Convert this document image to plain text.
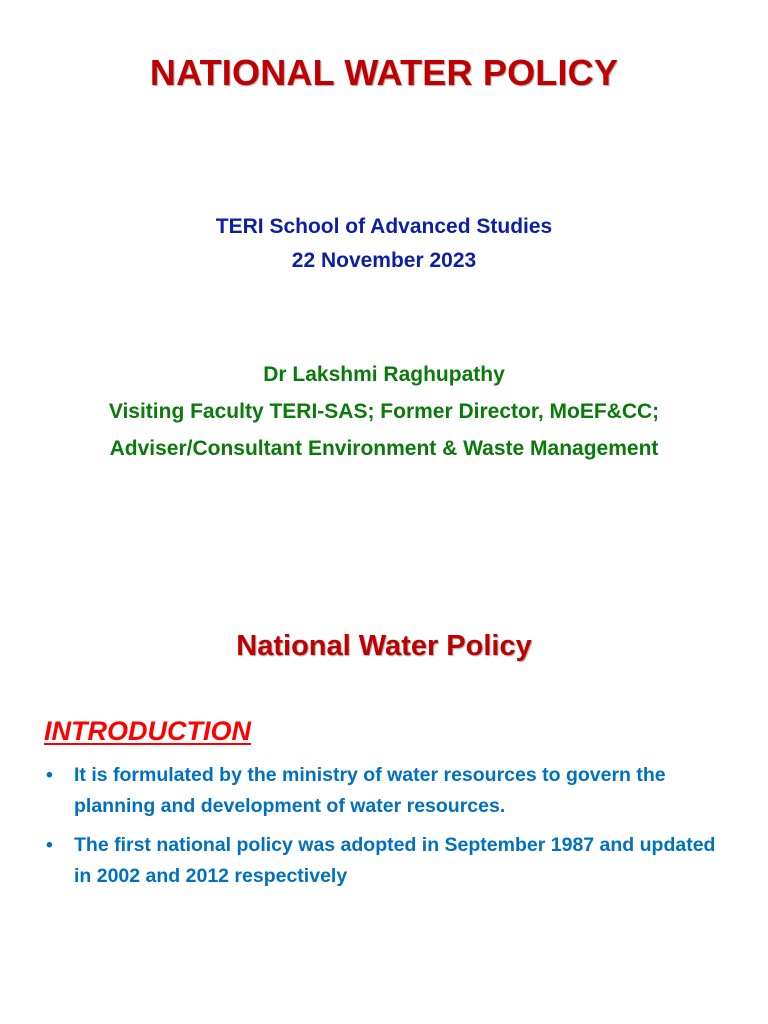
NATIONAL WATER POLICY
TERI School of Advanced Studies
22 November 2023
Dr Lakshmi Raghupathy
Visiting Faculty TERI-SAS; Former Director, MoEF&CC;
Adviser/Consultant Environment & Waste Management
National Water Policy
INTRODUCTION
• It is formulated by the ministry of water resources to govern the planning and development of water resources.
• The first national policy was adopted in September 1987 and updated in 2002 and 2012 respectively
